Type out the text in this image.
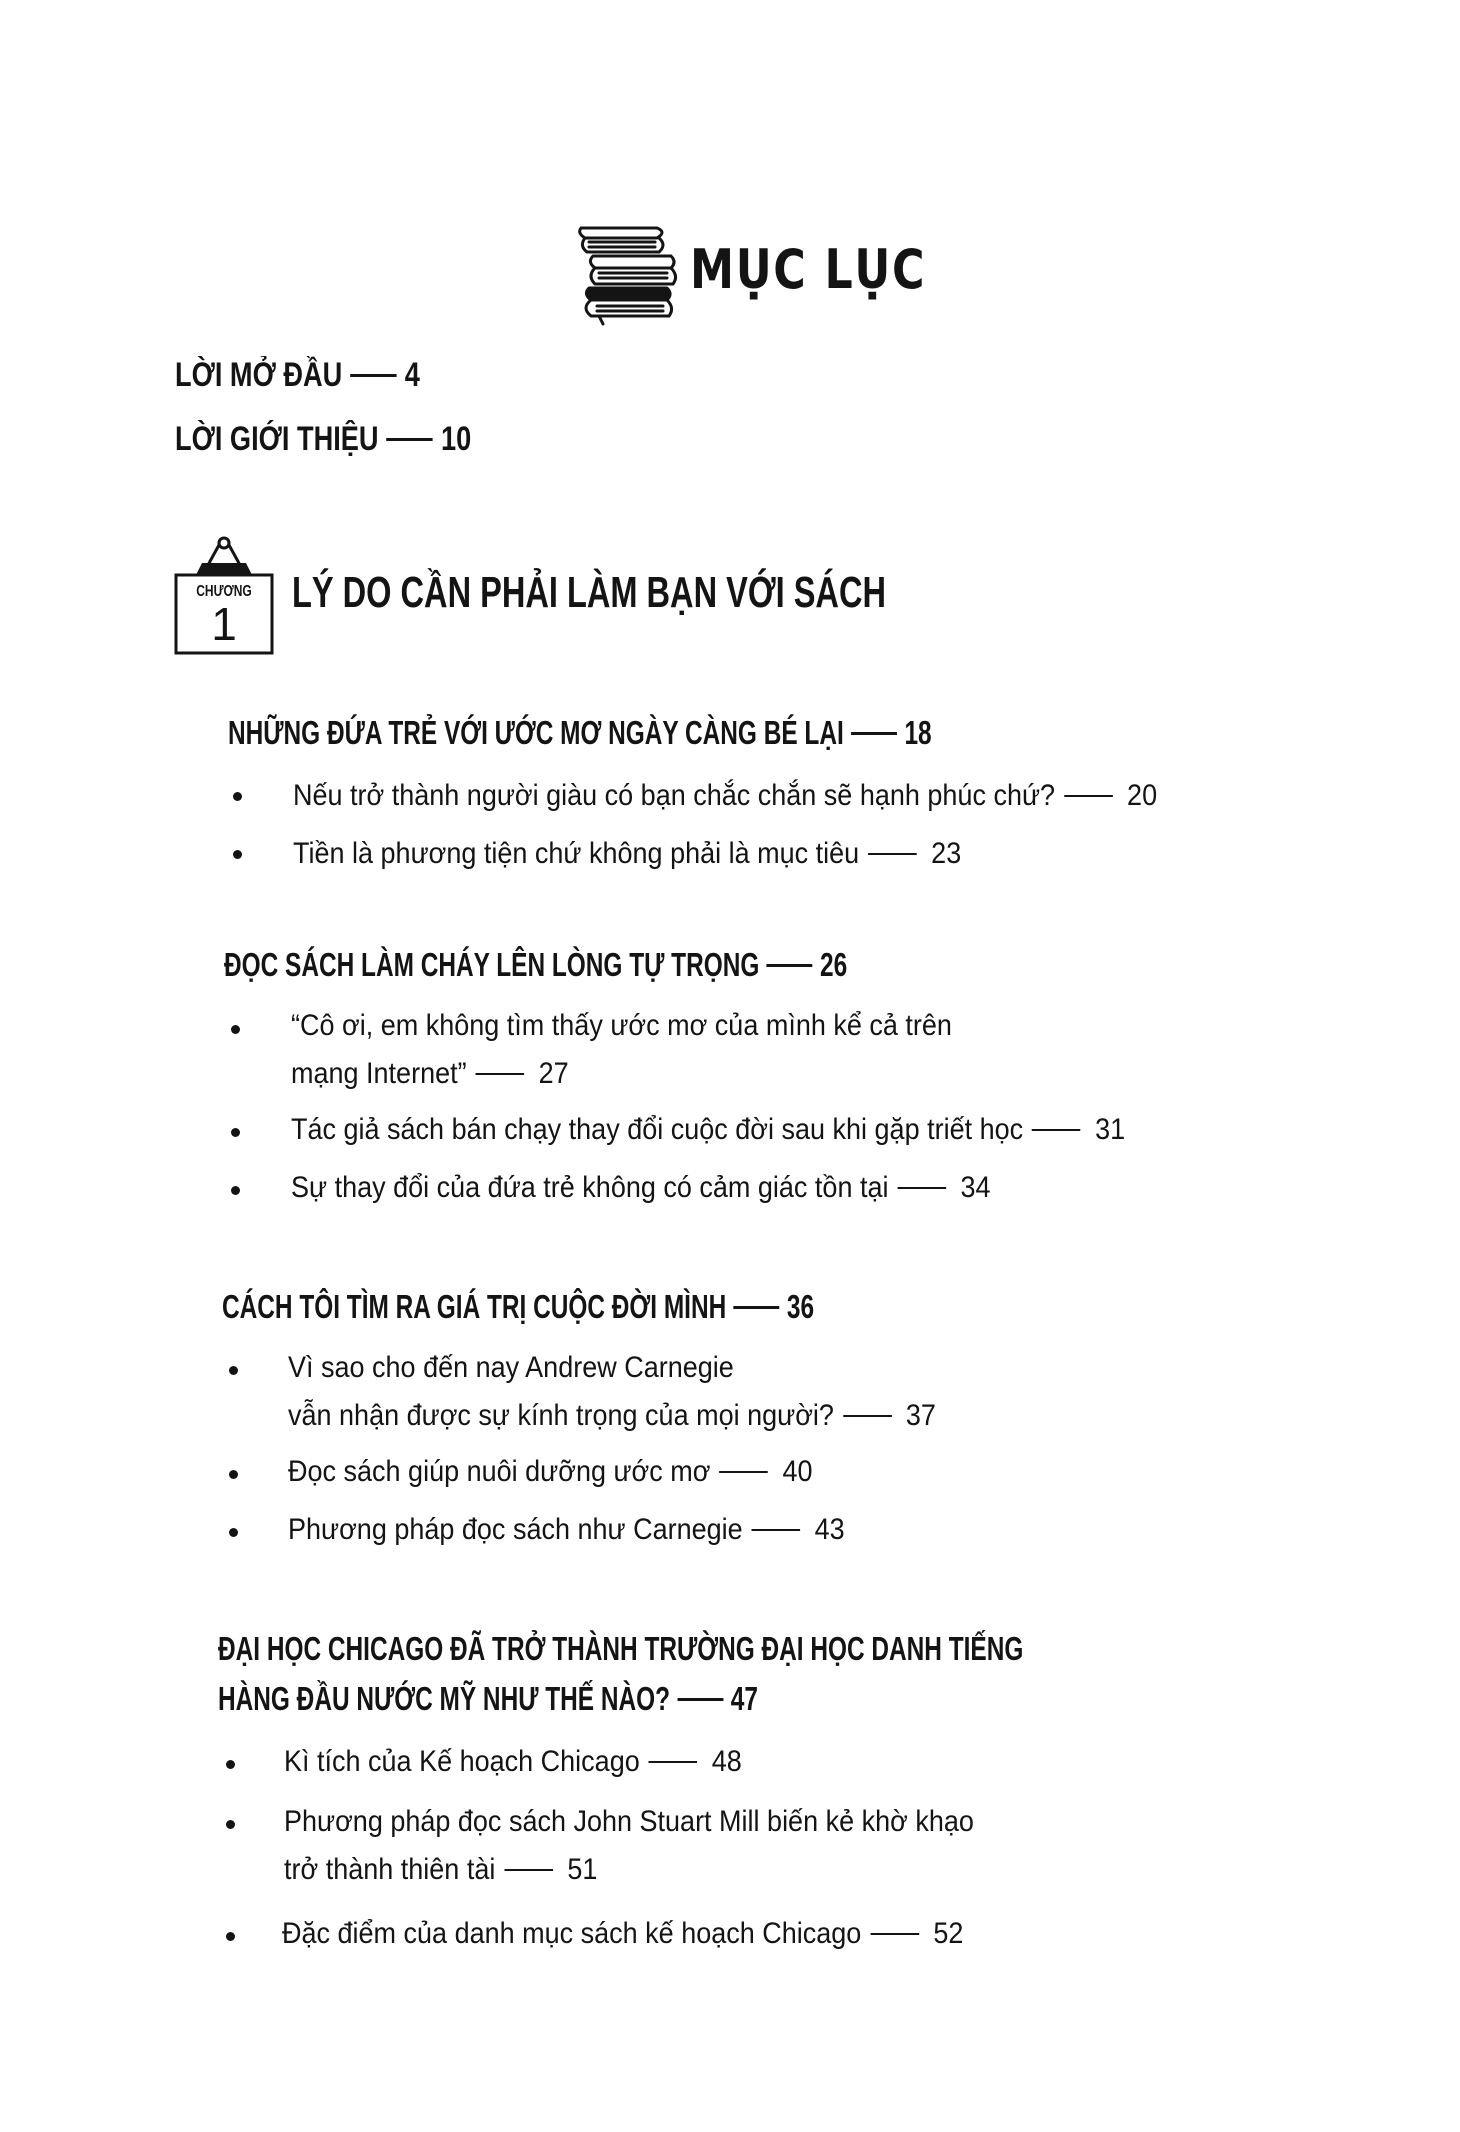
MỤC LỤC
LỜI MỞ ĐẦU 4
LỜI GIỚI THIỆU 10
CHƯƠNG
1
LÝ DO CẦN PHẢI LÀM BẠN VỚI SÁCH
NHỮNG ĐỨA TRẺ VỚI ƯỚC MƠ NGÀY CÀNG BÉ LẠI 18
Nếu trở thành người giàu có bạn chắc chắn sẽ hạnh phúc chứ? 20
Tiền là phương tiện chứ không phải là mục tiêu 23
ĐỌC SÁCH LÀM CHÁY LÊN LÒNG TỰ TRỌNG 26
“Cô ơi, em không tìm thấy ước mơ của mình kể cả trên
mạng Internet” 27
Tác giả sách bán chạy thay đổi cuộc đời sau khi gặp triết học 31
Sự thay đổi của đứa trẻ không có cảm giác tồn tại 34
CÁCH TÔI TÌM RA GIÁ TRỊ CUỘC ĐỜI MÌNH 36
Vì sao cho đến nay Andrew Carnegie
vẫn nhận được sự kính trọng của mọi người? 37
Đọc sách giúp nuôi dưỡng ước mơ 40
Phương pháp đọc sách như Carnegie 43
ĐẠI HỌC CHICAGO ĐÃ TRỞ THÀNH TRƯỜNG ĐẠI HỌC DANH TIẾNG
HÀNG ĐẦU NƯỚC MỸ NHƯ THẾ NÀO? 47
Kì tích của Kế hoạch Chicago 48
Phương pháp đọc sách John Stuart Mill biến kẻ khờ khạo
trở thành thiên tài 51
Đặc điểm của danh mục sách kế hoạch Chicago 52
